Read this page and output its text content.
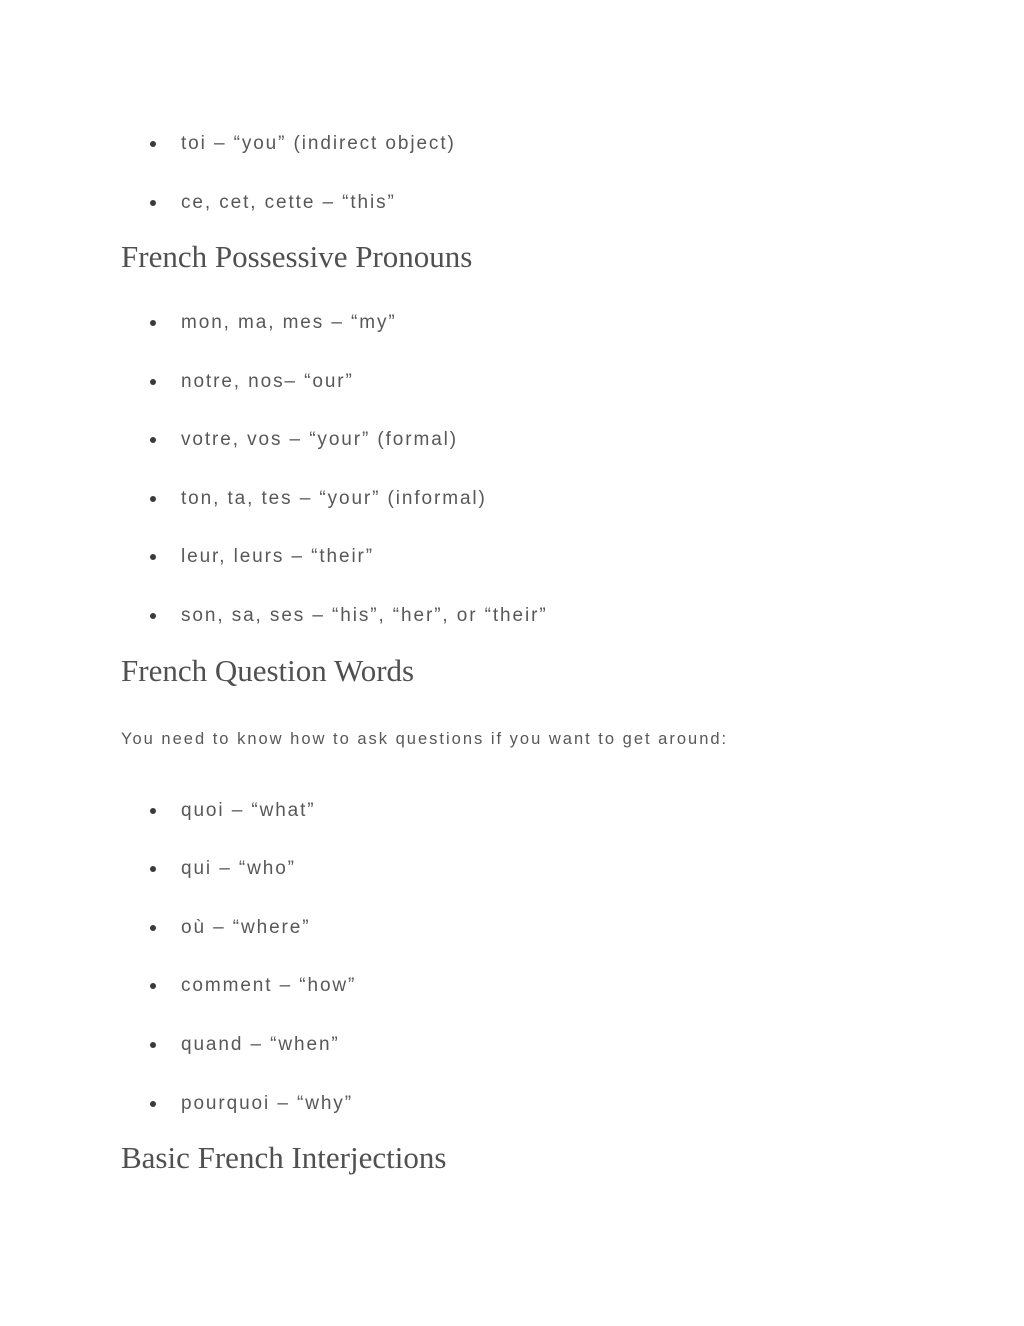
toi – “you” (indirect object)
ce, cet, cette – “this”
French Possessive Pronouns
mon, ma, mes – “my”
notre, nos– “our”
votre, vos – “your” (formal)
ton, ta, tes – “your” (informal)
leur, leurs – “their”
son, sa, ses – “his”, “her”, or “their”
French Question Words

You need to know how to ask questions if you want to get around:

quoi – “what”
qui – “who”
où – “where”
comment – “how”
quand – “when”
pourquoi – “why”
Basic French Interjections
